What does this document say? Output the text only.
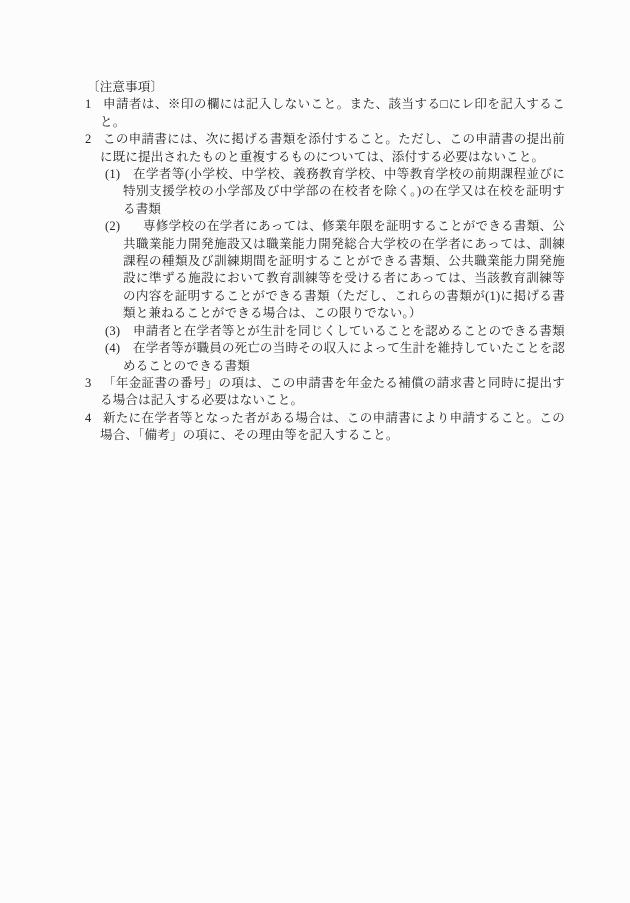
〔注意事項〕
1 申請者は、※印の欄には記入しないこと。また、該当する□にレ印を記入すること。
2 この申請書には、次に掲げる書類を添付すること。ただし、この申請書の提出前に既に提出されたものと重複するものについては、添付する必要はないこと。
(1) 在学者等(小学校、中学校、義務教育学校、中等教育学校の前期課程並びに特別支援学校の小学部及び中学部の在校者を除く。)の在学又は在校を証明する書類
(2) 専修学校の在学者にあっては、修業年限を証明することができる書類、公共職業能力開発施設又は職業能力開発総合大学校の在学者にあっては、訓練課程の種類及び訓練期間を証明することができる書類、公共職業能力開発施設に準ずる施設において教育訓練等を受ける者にあっては、当該教育訓練等の内容を証明することができる書類（ただし、これらの書類が(1)に掲げる書類と兼ねることができる場合は、この限りでない。）
(3) 申請者と在学者等とが生計を同じくしていることを認めることのできる書類
(4) 在学者等が職員の死亡の当時その収入によって生計を維持していたことを認めることのできる書類
3 「年金証書の番号」の項は、この申請書を年金たる補償の請求書と同時に提出する場合は記入する必要はないこと。
4 新たに在学者等となった者がある場合は、この申請書により申請すること。この場合、「備考」の項に、その理由等を記入すること。
